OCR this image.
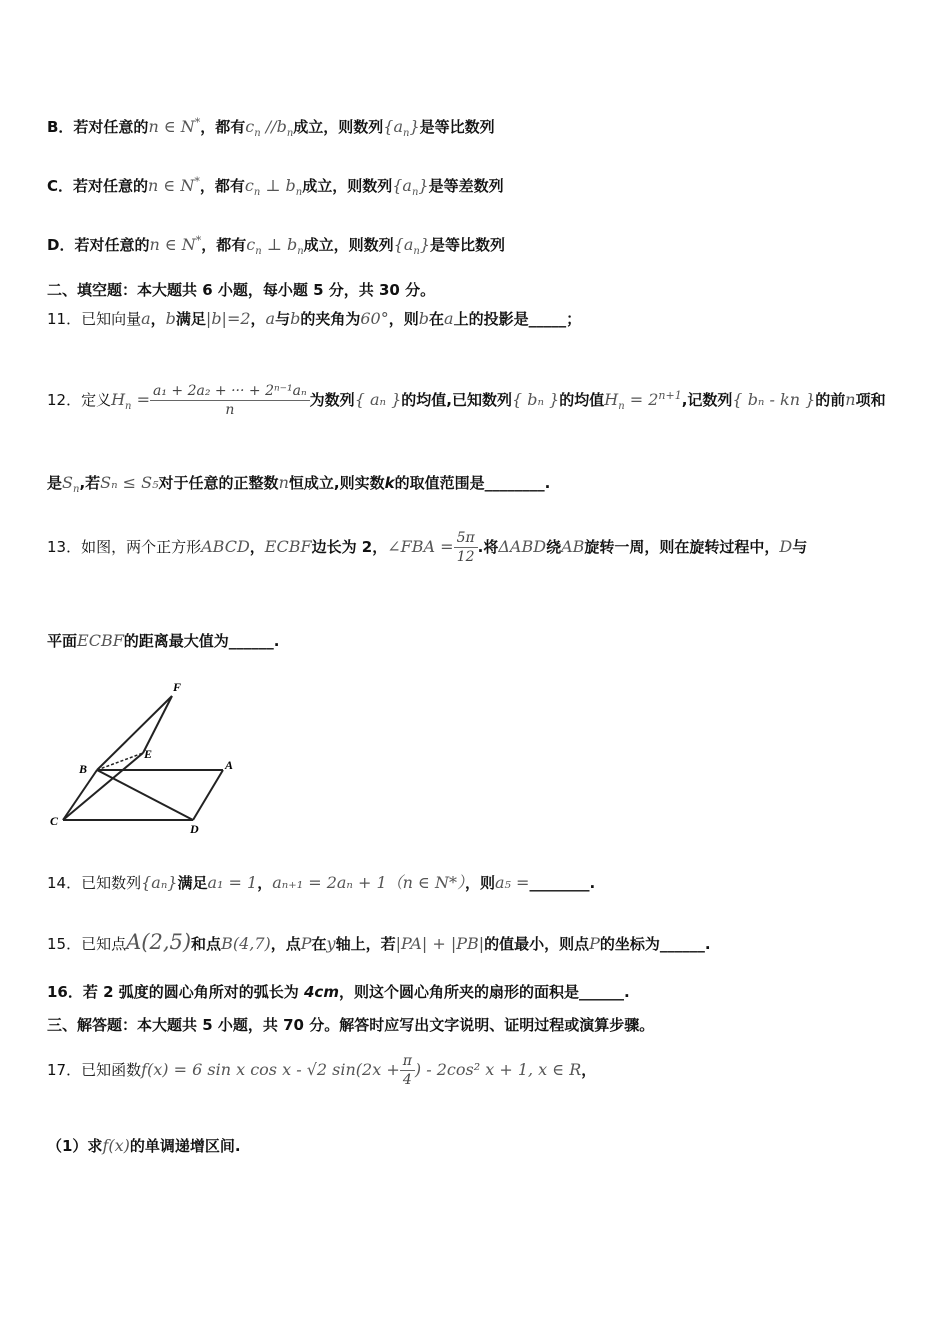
B．若对任意的n ∈ N*，都有$c_n$ $//b_n$成立，则数列$\{a_n\}$是等比数列
C．若对任意的n ∈ N*，都有$c_n$ ⊥ $b_n$成立，则数列$\{a_n\}$是等差数列
D．若对任意的n ∈ N*，都有$c_n$ ⊥ $b_n$成立，则数列$\{a_n\}$是等比数列
二、填空题：本大题共 6 小题，每小题 5 分，共 30 分。
11．已知向量a，b满足|b|=2，a与b的夹角为60°，则b在a上的投影是_____；
12．定义$H_n = \frac{\text{a₁ + 2a₂ + ··· + 2ⁿ⁻¹aₙ}}{n}$ 为数列{ aₙ }的均值,已知数列{ bₙ }的均值$H_n = 2^{n+1}$,记数列{ bₙ - kn }的前n项和
是$S_n$,若Sₙ ≤ S₅对于任意的正整数n恒成立,则实数k的取值范围是________.
13．如图，两个正方形ABCD，ECBF边长为 2，∠FBA = $\frac{5\pi}{12}$ .将ΔABD绕AB旋转一周，则在旋转过程中，D与
平面ECBF的距离最大值为______.
F
E
B	A
C
D
14．已知数列{aₙ}满足a₁ = 1，aₙ₊₁ = 2aₙ + 1（n ∈ N*），则a₅ =________.
15．已知点A(2,5)和点B(4,7)，点P在y轴上，若|PA| + |PB|的值最小，则点P的坐标为______.
16．若 2 弧度的圆心角所对的弧长为 4cm，则这个圆心角所夹的扇形的面积是______.
三、解答题：本大题共 5 小题，共 70 分。解答时应写出文字说明、证明过程或演算步骤。
17．已知函数f(x) = 6 sin x cos x - √2 $\sin(2x + \frac{\pi}{4}$ ) - 2cos² x + 1, x ∈ R，
（1）求f(x)的单调递增区间.
